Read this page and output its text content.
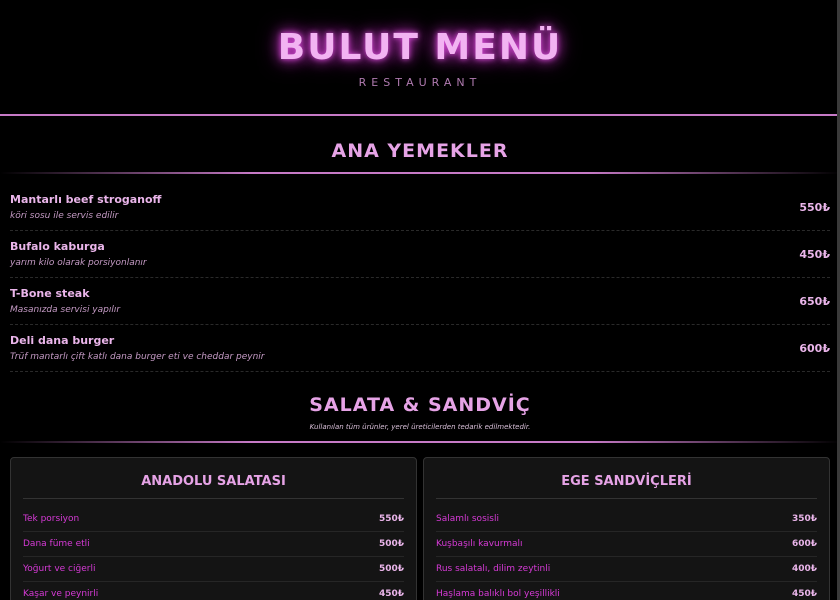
BULUT MENÜ
RESTAURANT
ANA YEMEKLER
Mantarlı beef stroganoff
köri sosu ile servis edilir
550₺
Bufalo kaburga
yarım kilo olarak porsiyonlanır
450₺
T-Bone steak
Masanızda servisi yapılır
650₺
Deli dana burger
Trüf mantarlı çift katlı dana burger eti ve cheddar peynir
600₺
SALATA & SANDVİÇ
Kullanılan tüm ürünler, yerel üreticilerden tedarik edilmektedir.
ANADOLU SALATASI
Tek porsiyon	550₺
Dana füme etli	500₺
Yoğurt ve ciğerli	500₺
Kaşar ve peynirli	450₺
EGE SANDVİÇLERİ
Salamlı sosisli	350₺
Kuşbaşılı kavurmalı	600₺
Rus salatalı, dilim zeytinli	400₺
Haşlama balıklı bol yeşillikli	450₺
